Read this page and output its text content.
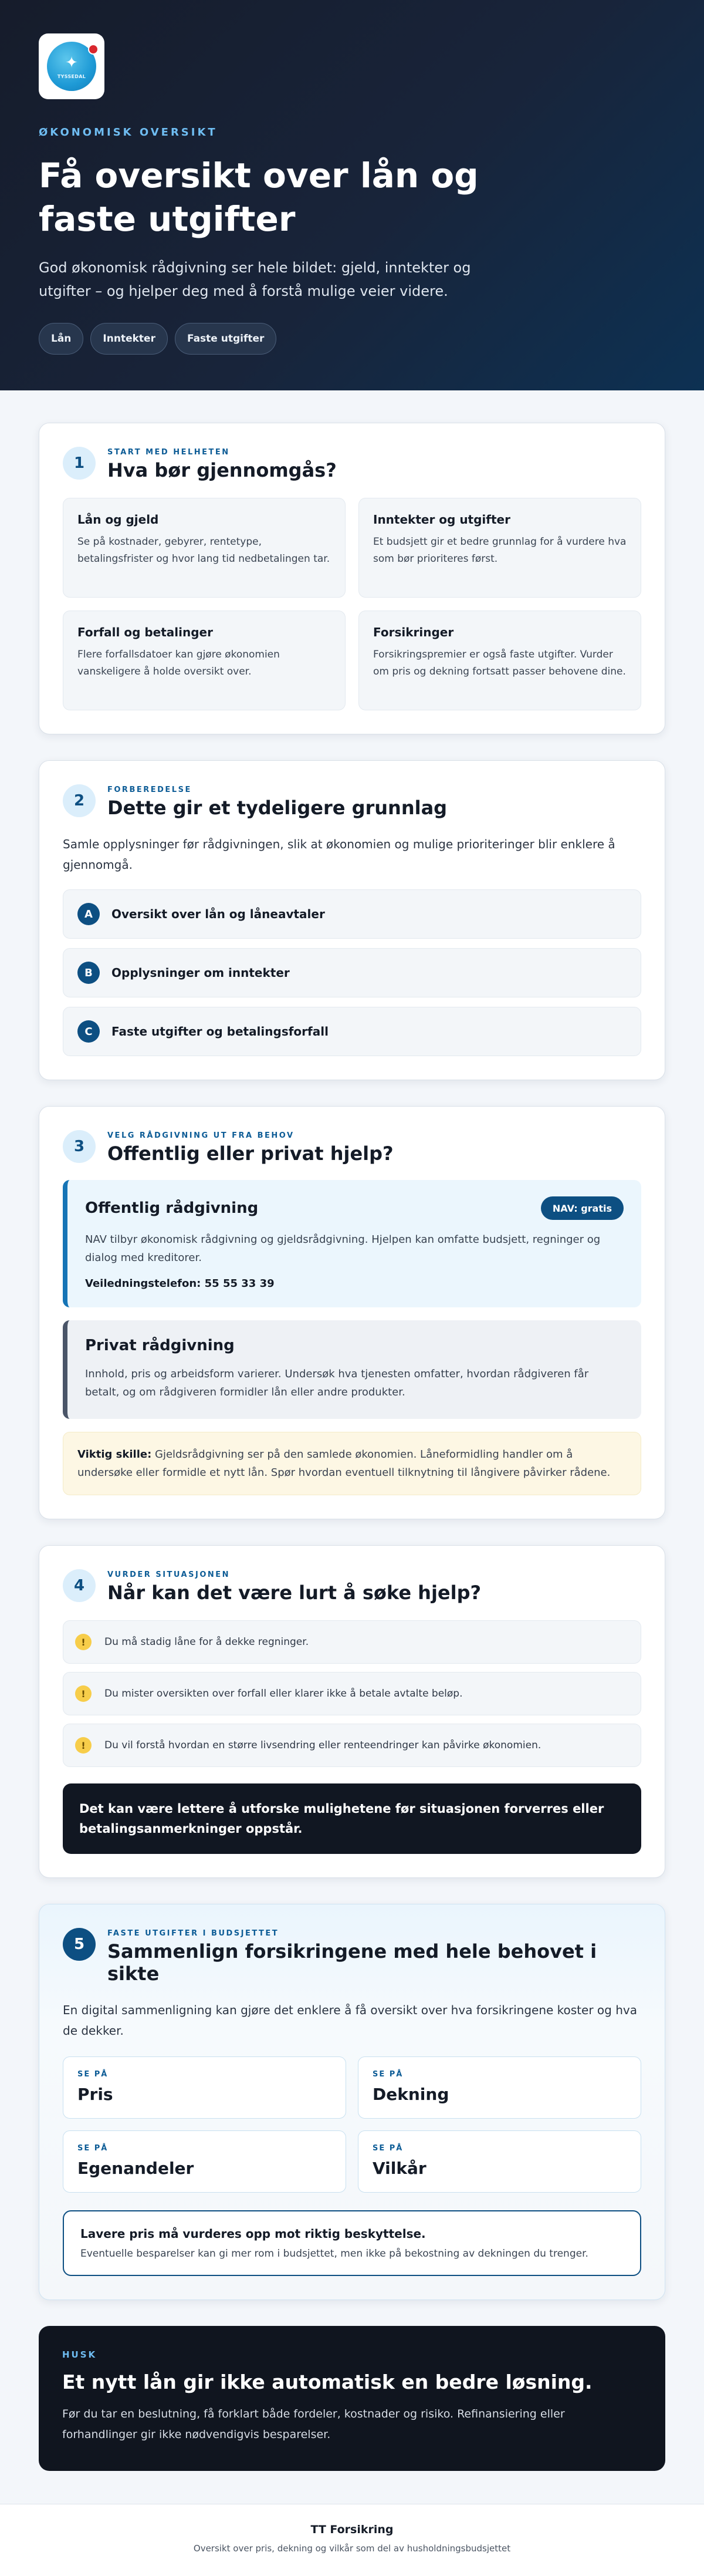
✦
TYSSEDAL
ØKONOMISK OVERSIKT
Få oversikt over lån og faste utgifter

God økonomisk rådgivning ser hele bildet: gjeld, inntekter og utgifter – og hjelper deg med å forstå mulige veier videre.

Lån	Inntekter	Faste utgifter
1
START MED HELHETEN
Hva bør gjennomgås?
Lån og gjeld
Se på kostnader, gebyrer, rentetype, betalingsfrister og hvor lang tid nedbetalingen tar.
Inntekter og utgifter
Et budsjett gir et bedre grunnlag for å vurdere hva som bør prioriteres først.
Forfall og betalinger
Flere forfallsdatoer kan gjøre økonomien vanskeligere å holde oversikt over.
Forsikringer
Forsikringspremier er også faste utgifter. Vurder om pris og dekning fortsatt passer behovene dine.
2
FORBEREDELSE
Dette gir et tydeligere grunnlag

Samle opplysninger før rådgivningen, slik at økonomien og mulige prioriteringer blir enklere å gjennomgå.

A	Oversikt over lån og låneavtaler
B	Opplysninger om inntekter
C	Faste utgifter og betalingsforfall
3
VELG RÅDGIVNING UT FRA BEHOV
Offentlig eller privat hjelp?
Offentlig rådgivning	NAV: gratis

NAV tilbyr økonomisk rådgivning og gjeldsrådgivning. Hjelpen kan omfatte budsjett, regninger og dialog med kreditorer.

Veiledningstelefon: 55 55 33 39

Privat rådgivning

Innhold, pris og arbeidsform varierer. Undersøk hva tjenesten omfatter, hvordan rådgiveren får betalt, og om rådgiveren formidler lån eller andre produkter.

Viktig skille: Gjeldsrådgivning ser på den samlede økonomien. Låneformidling handler om å undersøke eller formidle et nytt lån. Spør hvordan eventuell tilknytning til långivere påvirker rådene.
4
VURDER SITUASJONEN
Når kan det være lurt å søke hjelp?
!	Du må stadig låne for å dekke regninger.
!	Du mister oversikten over forfall eller klarer ikke å betale avtalte beløp.
!	Du vil forstå hvordan en større livsendring eller renteendringer kan påvirke økonomien.
Det kan være lettere å utforske mulighetene før situasjonen forverres eller betalingsanmerkninger oppstår.
5
FASTE UTGIFTER I BUDSJETTET
Sammenlign forsikringene med hele behovet i sikte

En digital sammenligning kan gjøre det enklere å få oversikt over hva forsikringene koster og hva de dekker.

SE PÅ
Pris
SE PÅ
Dekning
SE PÅ
Egenandeler
SE PÅ
Vilkår
Lavere pris må vurderes opp mot riktig beskyttelse.
Eventuelle besparelser kan gi mer rom i budsjettet, men ikke på bekostning av dekningen du trenger.
HUSK
Et nytt lån gir ikke automatisk en bedre løsning.

Før du tar en beslutning, få forklart både fordeler, kostnader og risiko. Refinansiering eller forhandlinger gir ikke nødvendigvis besparelser.

TT Forsikring
Oversikt over pris, dekning og vilkår som del av husholdningsbudsjettet
